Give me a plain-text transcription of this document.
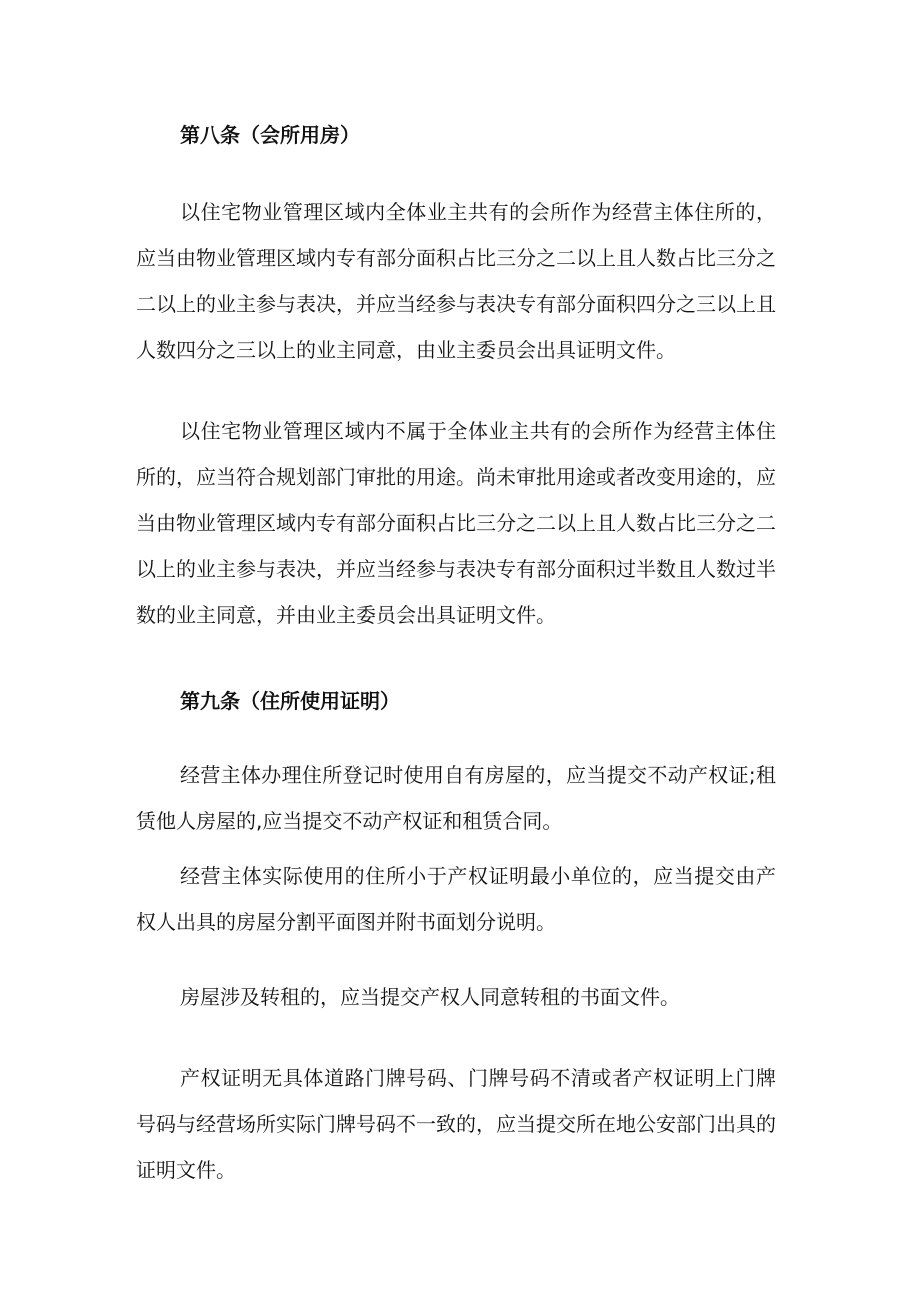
第八条（会所用房）
以住宅物业管理区域内全体业主共有的会所作为经营主体住所的，应当由物业管理区域内专有部分面积占比三分之二以上且人数占比三分之二以上的业主参与表决，并应当经参与表决专有部分面积四分之三以上且人数四分之三以上的业主同意，由业主委员会出具证明文件。
以住宅物业管理区域内不属于全体业主共有的会所作为经营主体住所的，应当符合规划部门审批的用途。尚未审批用途或者改变用途的，应当由物业管理区域内专有部分面积占比三分之二以上且人数占比三分之二以上的业主参与表决，并应当经参与表决专有部分面积过半数且人数过半数的业主同意，并由业主委员会出具证明文件。
第九条（住所使用证明）
经营主体办理住所登记时使用自有房屋的，应当提交不动产权证;租赁他人房屋的,应当提交不动产权证和租赁合同。
经营主体实际使用的住所小于产权证明最小单位的，应当提交由产权人出具的房屋分割平面图并附书面划分说明。
房屋涉及转租的，应当提交产权人同意转租的书面文件。
产权证明无具体道路门牌号码、门牌号码不清或者产权证明上门牌号码与经营场所实际门牌号码不一致的，应当提交所在地公安部门出具的证明文件。
